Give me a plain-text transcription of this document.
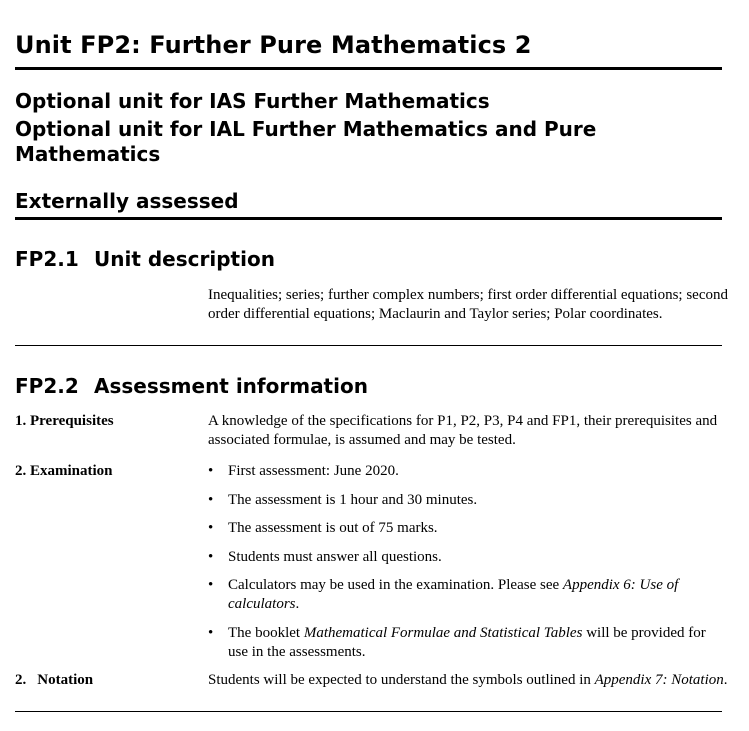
Unit FP2: Further Pure Mathematics 2
Optional unit for IAS Further Mathematics
Optional unit for IAL Further Mathematics and Pure Mathematics
Externally assessed
FP2.1 Unit description
Inequalities; series; further complex numbers; first order differential equations; second order differential equations; Maclaurin and Taylor series; Polar coordinates.
FP2.2 Assessment information
1. Prerequisites	A knowledge of the specifications for P1, P2, P3, P4 and FP1, their prerequisites and associated formulae, is assumed and may be tested.
2. Examination	• First assessment: June 2020.
• The assessment is 1 hour and 30 minutes.
• The assessment is out of 75 marks.
• Students must answer all questions.
• Calculators may be used in the examination. Please see Appendix 6: Use of calculators.
• The booklet Mathematical Formulae and Statistical Tables will be provided for use in the assessments.
2. Notation	Students will be expected to understand the symbols outlined in Appendix 7: Notation.
